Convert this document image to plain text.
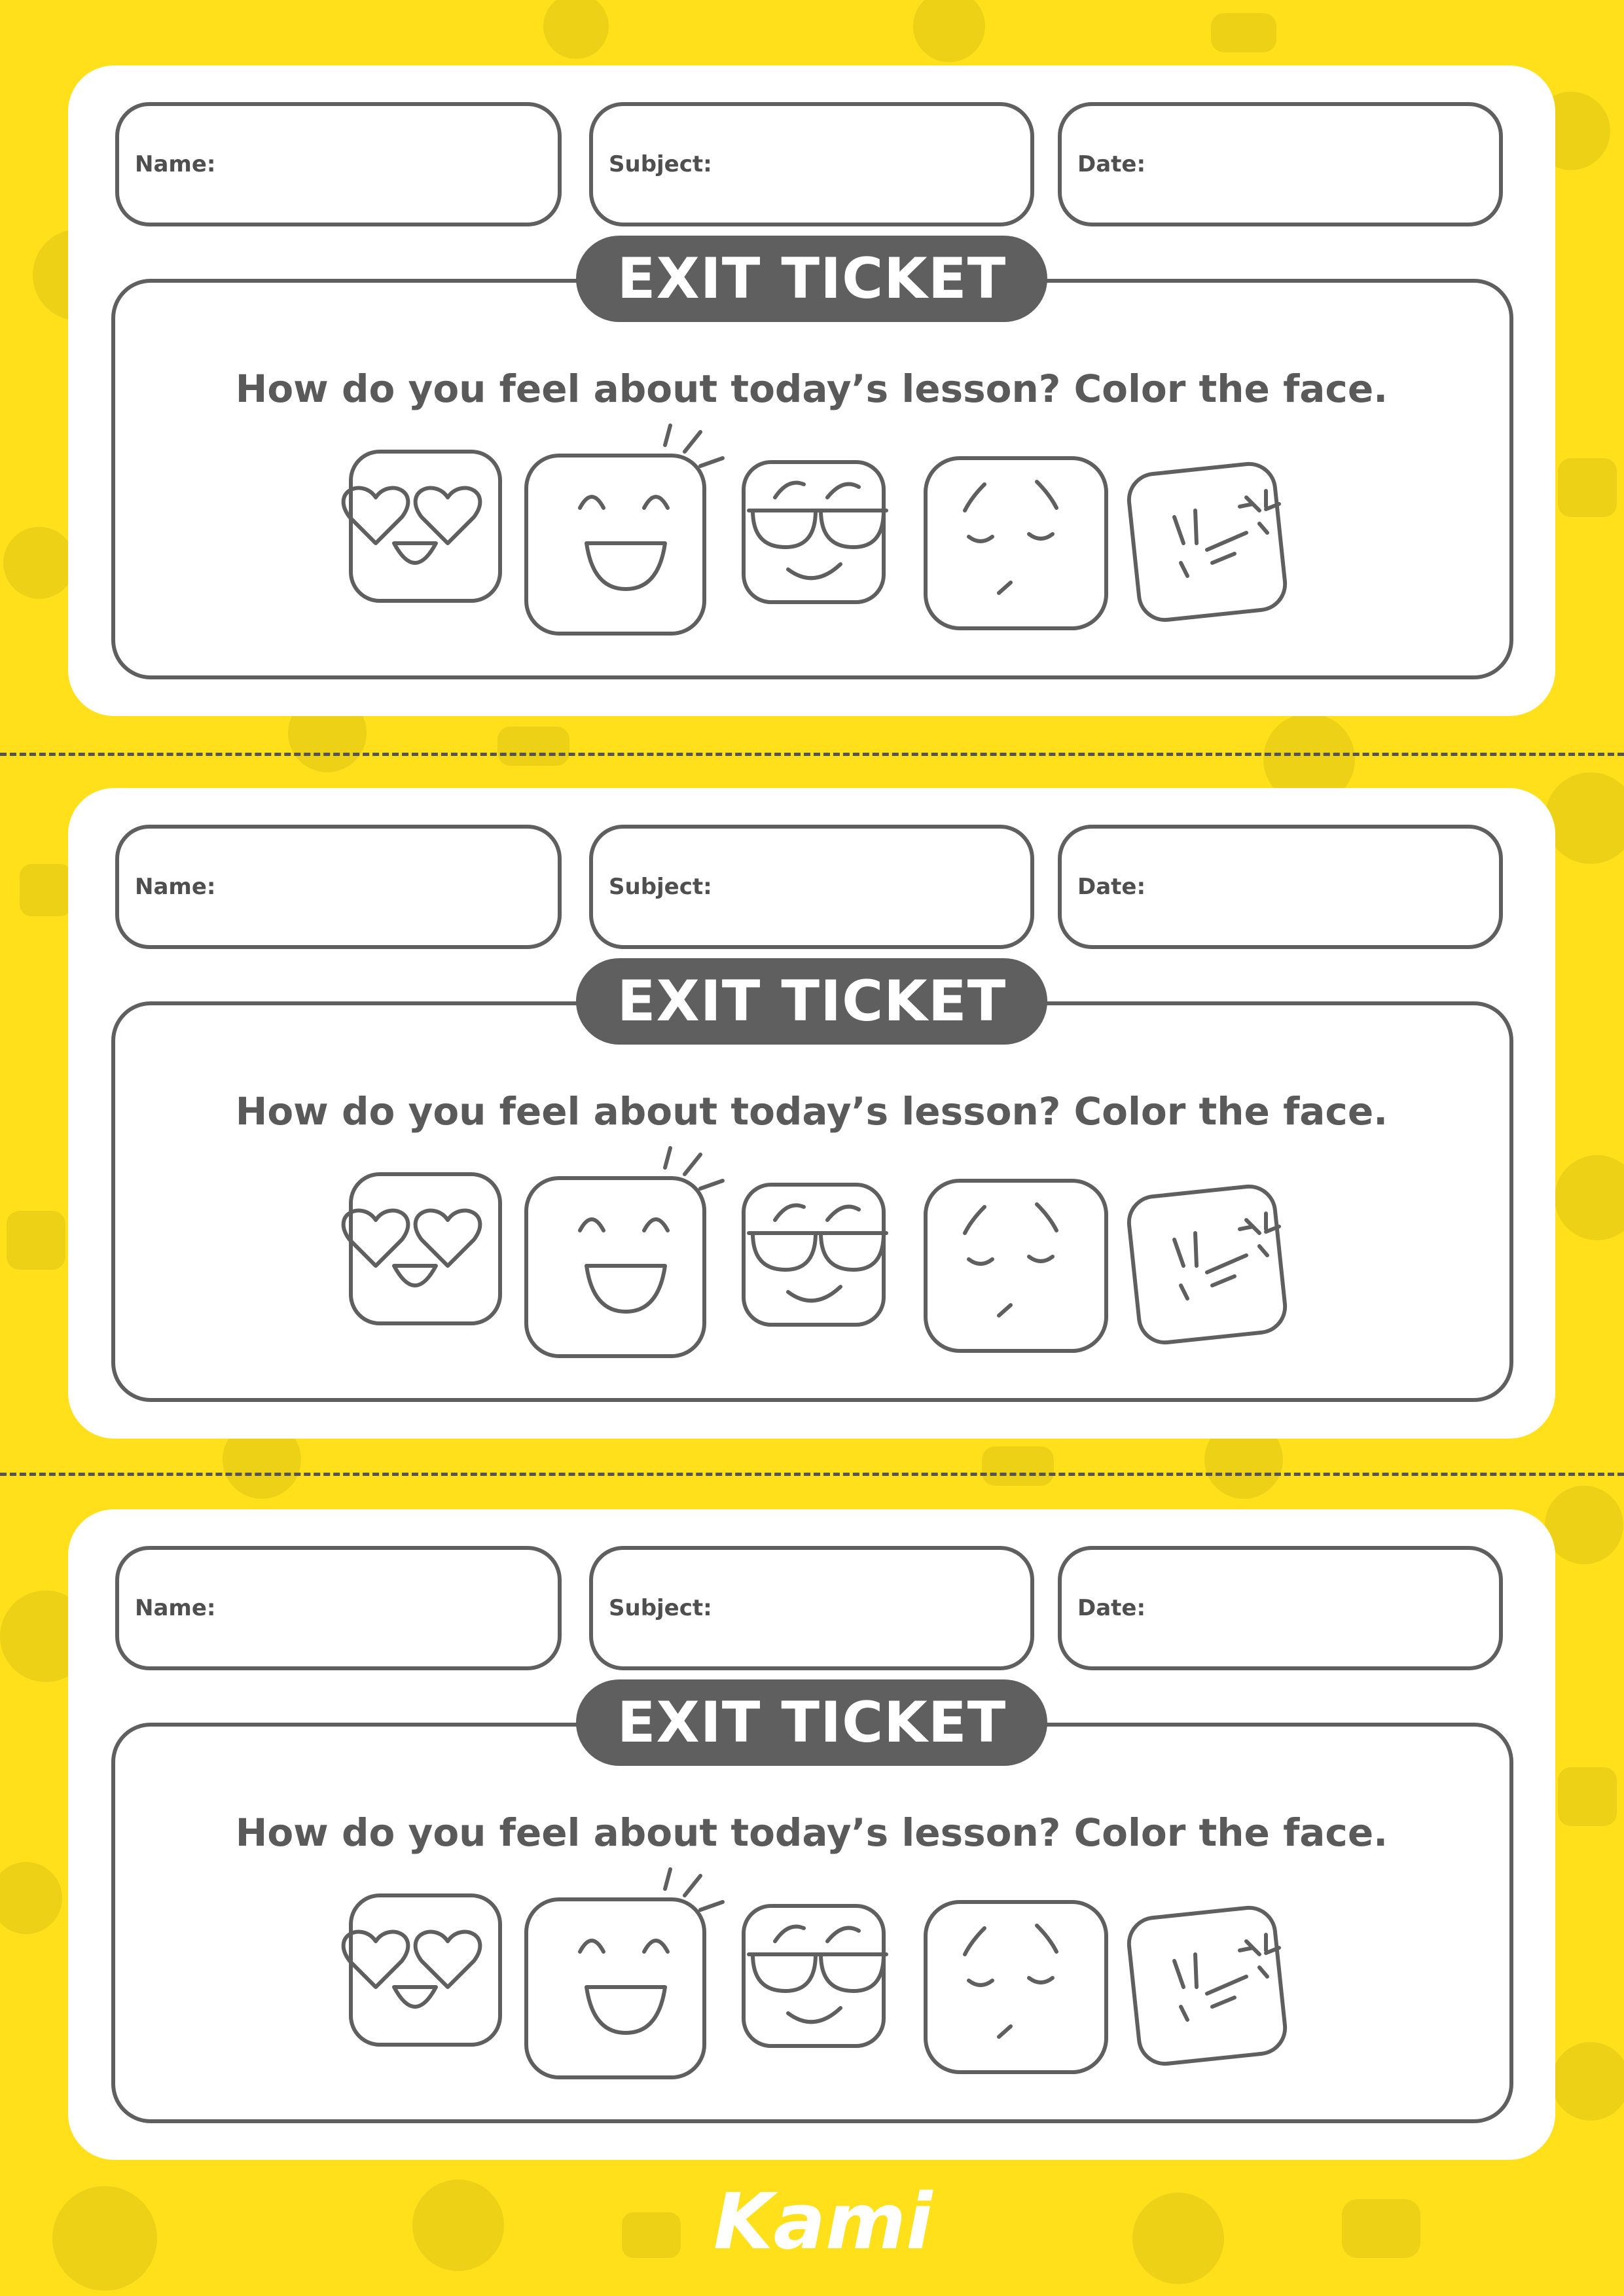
Name:	Subject:	Date:
EXIT TICKET
How do you feel about today’s lesson? Color the face.
Name:	Subject:	Date:
EXIT TICKET
How do you feel about today’s lesson? Color the face.
Name:	Subject:	Date:
EXIT TICKET
How do you feel about today’s lesson? Color the face.
Kami
